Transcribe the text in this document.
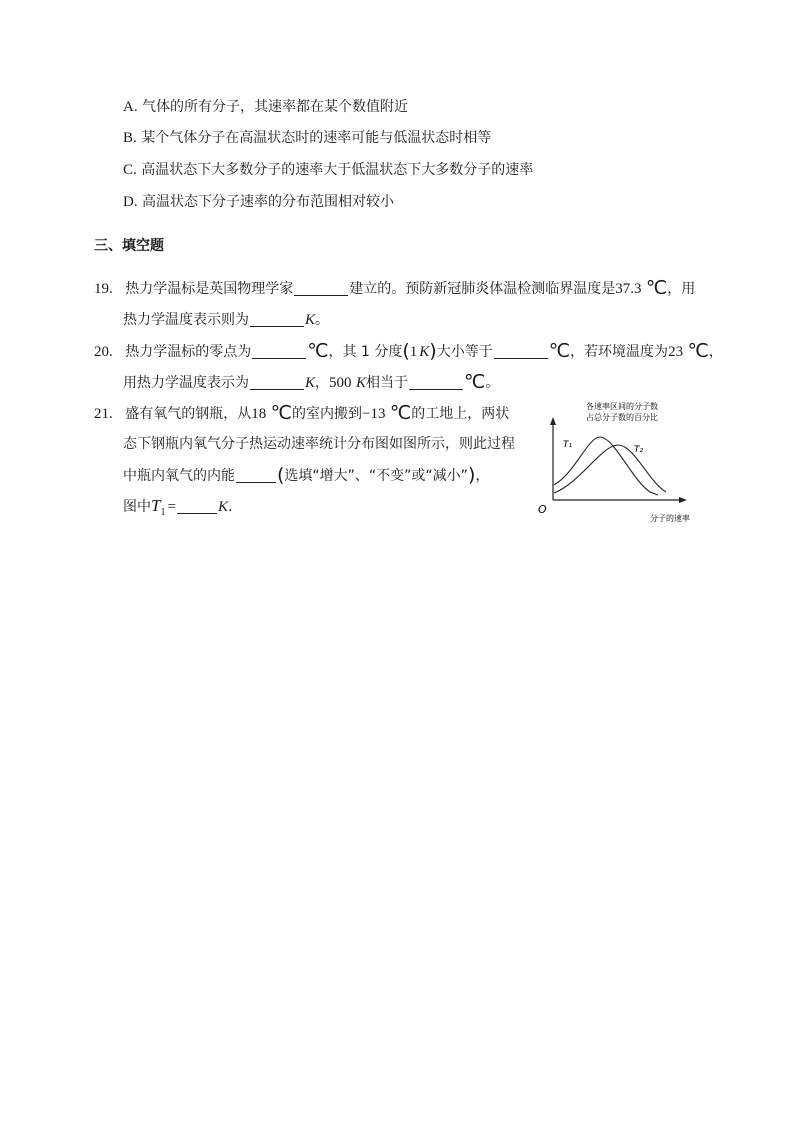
A. 气体的所有分子，其速率都在某个数值附近
B. 某个气体分子在高温状态时的速率可能与低温状态时相等
C. 高温状态下大多数分子的速率大于低温状态下大多数分子的速率
D. 高温状态下分子速率的分布范围相对较小
三、填空题
19. 热力学温标是英国物理学家	建立的。预防新冠肺炎体温检测临界温度是37.3 ℃，用
热力学温度表示则为	K。
20. 热力学温标的零点为	℃，其 1 分度(1 K)大小等于	℃，若环境温度为23 ℃，
用热力学温度表示为	K，500 K相当于	℃。
21. 盛有氧气的钢瓶，从18 ℃的室内搬到−13 ℃的工地上，两状
态下钢瓶内氧气分子热运动速率统计分布图如图所示，则此过程
中瓶内氧气的内能 (选填“增大”、“不变”或“减小”)，
图中$T_1$ =	K.
各速率区间的分子数
占总分子数的百分比
T₁	T₂
O
分子的速率
